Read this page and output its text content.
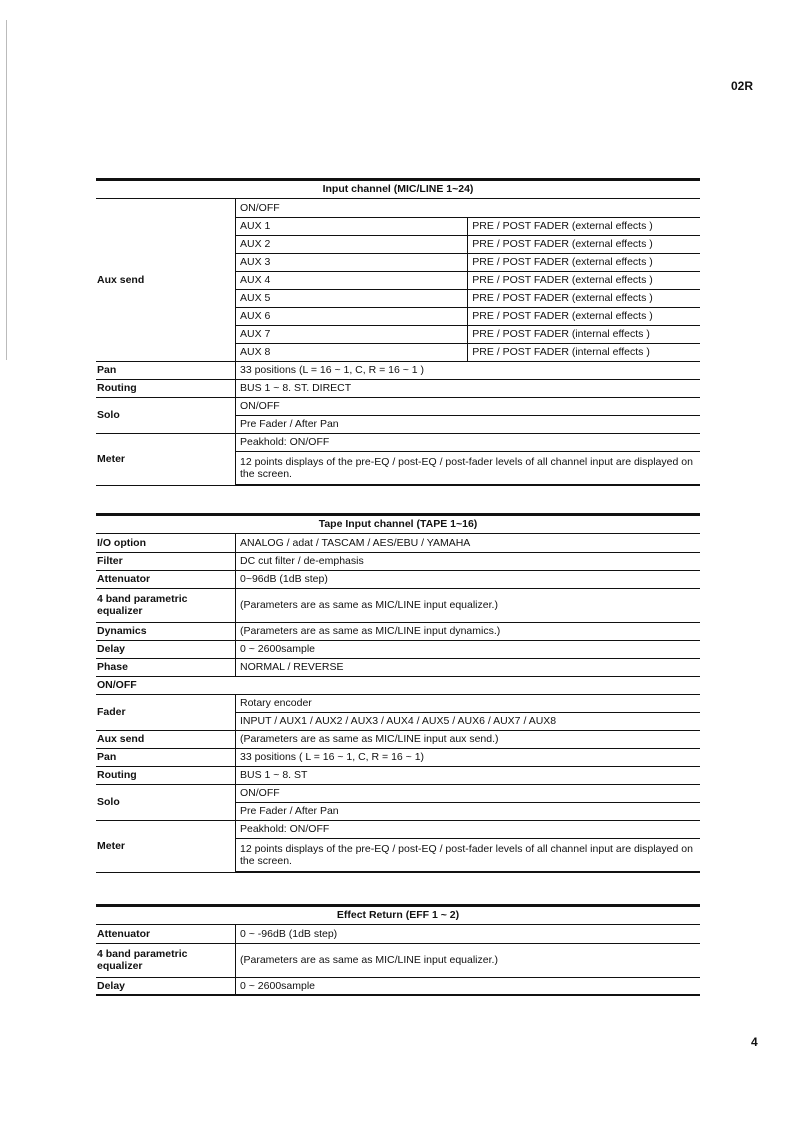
02R
Input channel (MIC/LINE 1~24)
Aux send	ON/OFF	
	AUX 1	PRE / POST FADER (external effects )
	AUX 2	PRE / POST FADER (external effects )
	AUX 3	PRE / POST FADER (external effects )
	AUX 4	PRE / POST FADER (external effects )
	AUX 5	PRE / POST FADER (external effects )
	AUX 6	PRE / POST FADER (external effects )
	AUX 7	PRE / POST FADER (internal effects )
	AUX 8	PRE / POST FADER (internal effects )
Pan	33 positions (L = 16 ~ 1, C, R = 16 ~ 1 )	
Routing	BUS 1 ~ 8. ST. DIRECT	
Solo	ON/OFF	
	Pre Fader / After Pan	
Meter	Peakhold: ON/OFF	
	12 points displays of the pre-EQ / post-EQ / post-fader levels of all channel input are displayed on the screen.	
Tape Input channel (TAPE 1~16)
I/O option	ANALOG / adat / TASCAM / AES/EBU / YAMAHA
Filter	DC cut filter / de-emphasis
Attenuator	0~96dB (1dB step)
4 band parametric equalizer	(Parameters are as same as MIC/LINE input equalizer.)
Dynamics	(Parameters are as same as MIC/LINE input dynamics.)
Delay	0 ~ 2600sample
Phase	NORMAL / REVERSE
ON/OFF	
Fader	Rotary encoder
	INPUT / AUX1 / AUX2 / AUX3 / AUX4 / AUX5 / AUX6 / AUX7 / AUX8
Aux send	(Parameters are as same as MIC/LINE input aux send.)
Pan	33 positions ( L = 16 ~ 1, C, R = 16 ~ 1)
Routing	BUS 1 ~ 8. ST
Solo	ON/OFF
	Pre Fader / After Pan
Meter	Peakhold: ON/OFF
	12 points displays of the pre-EQ / post-EQ / post-fader levels of all channel input are displayed on the screen.
Effect Return (EFF 1 ~ 2)
Attenuator	0 ~ -96dB (1dB step)
4 band parametric equalizer	(Parameters are as same as MIC/LINE input equalizer.)
Delay	0 ~ 2600sample
4
